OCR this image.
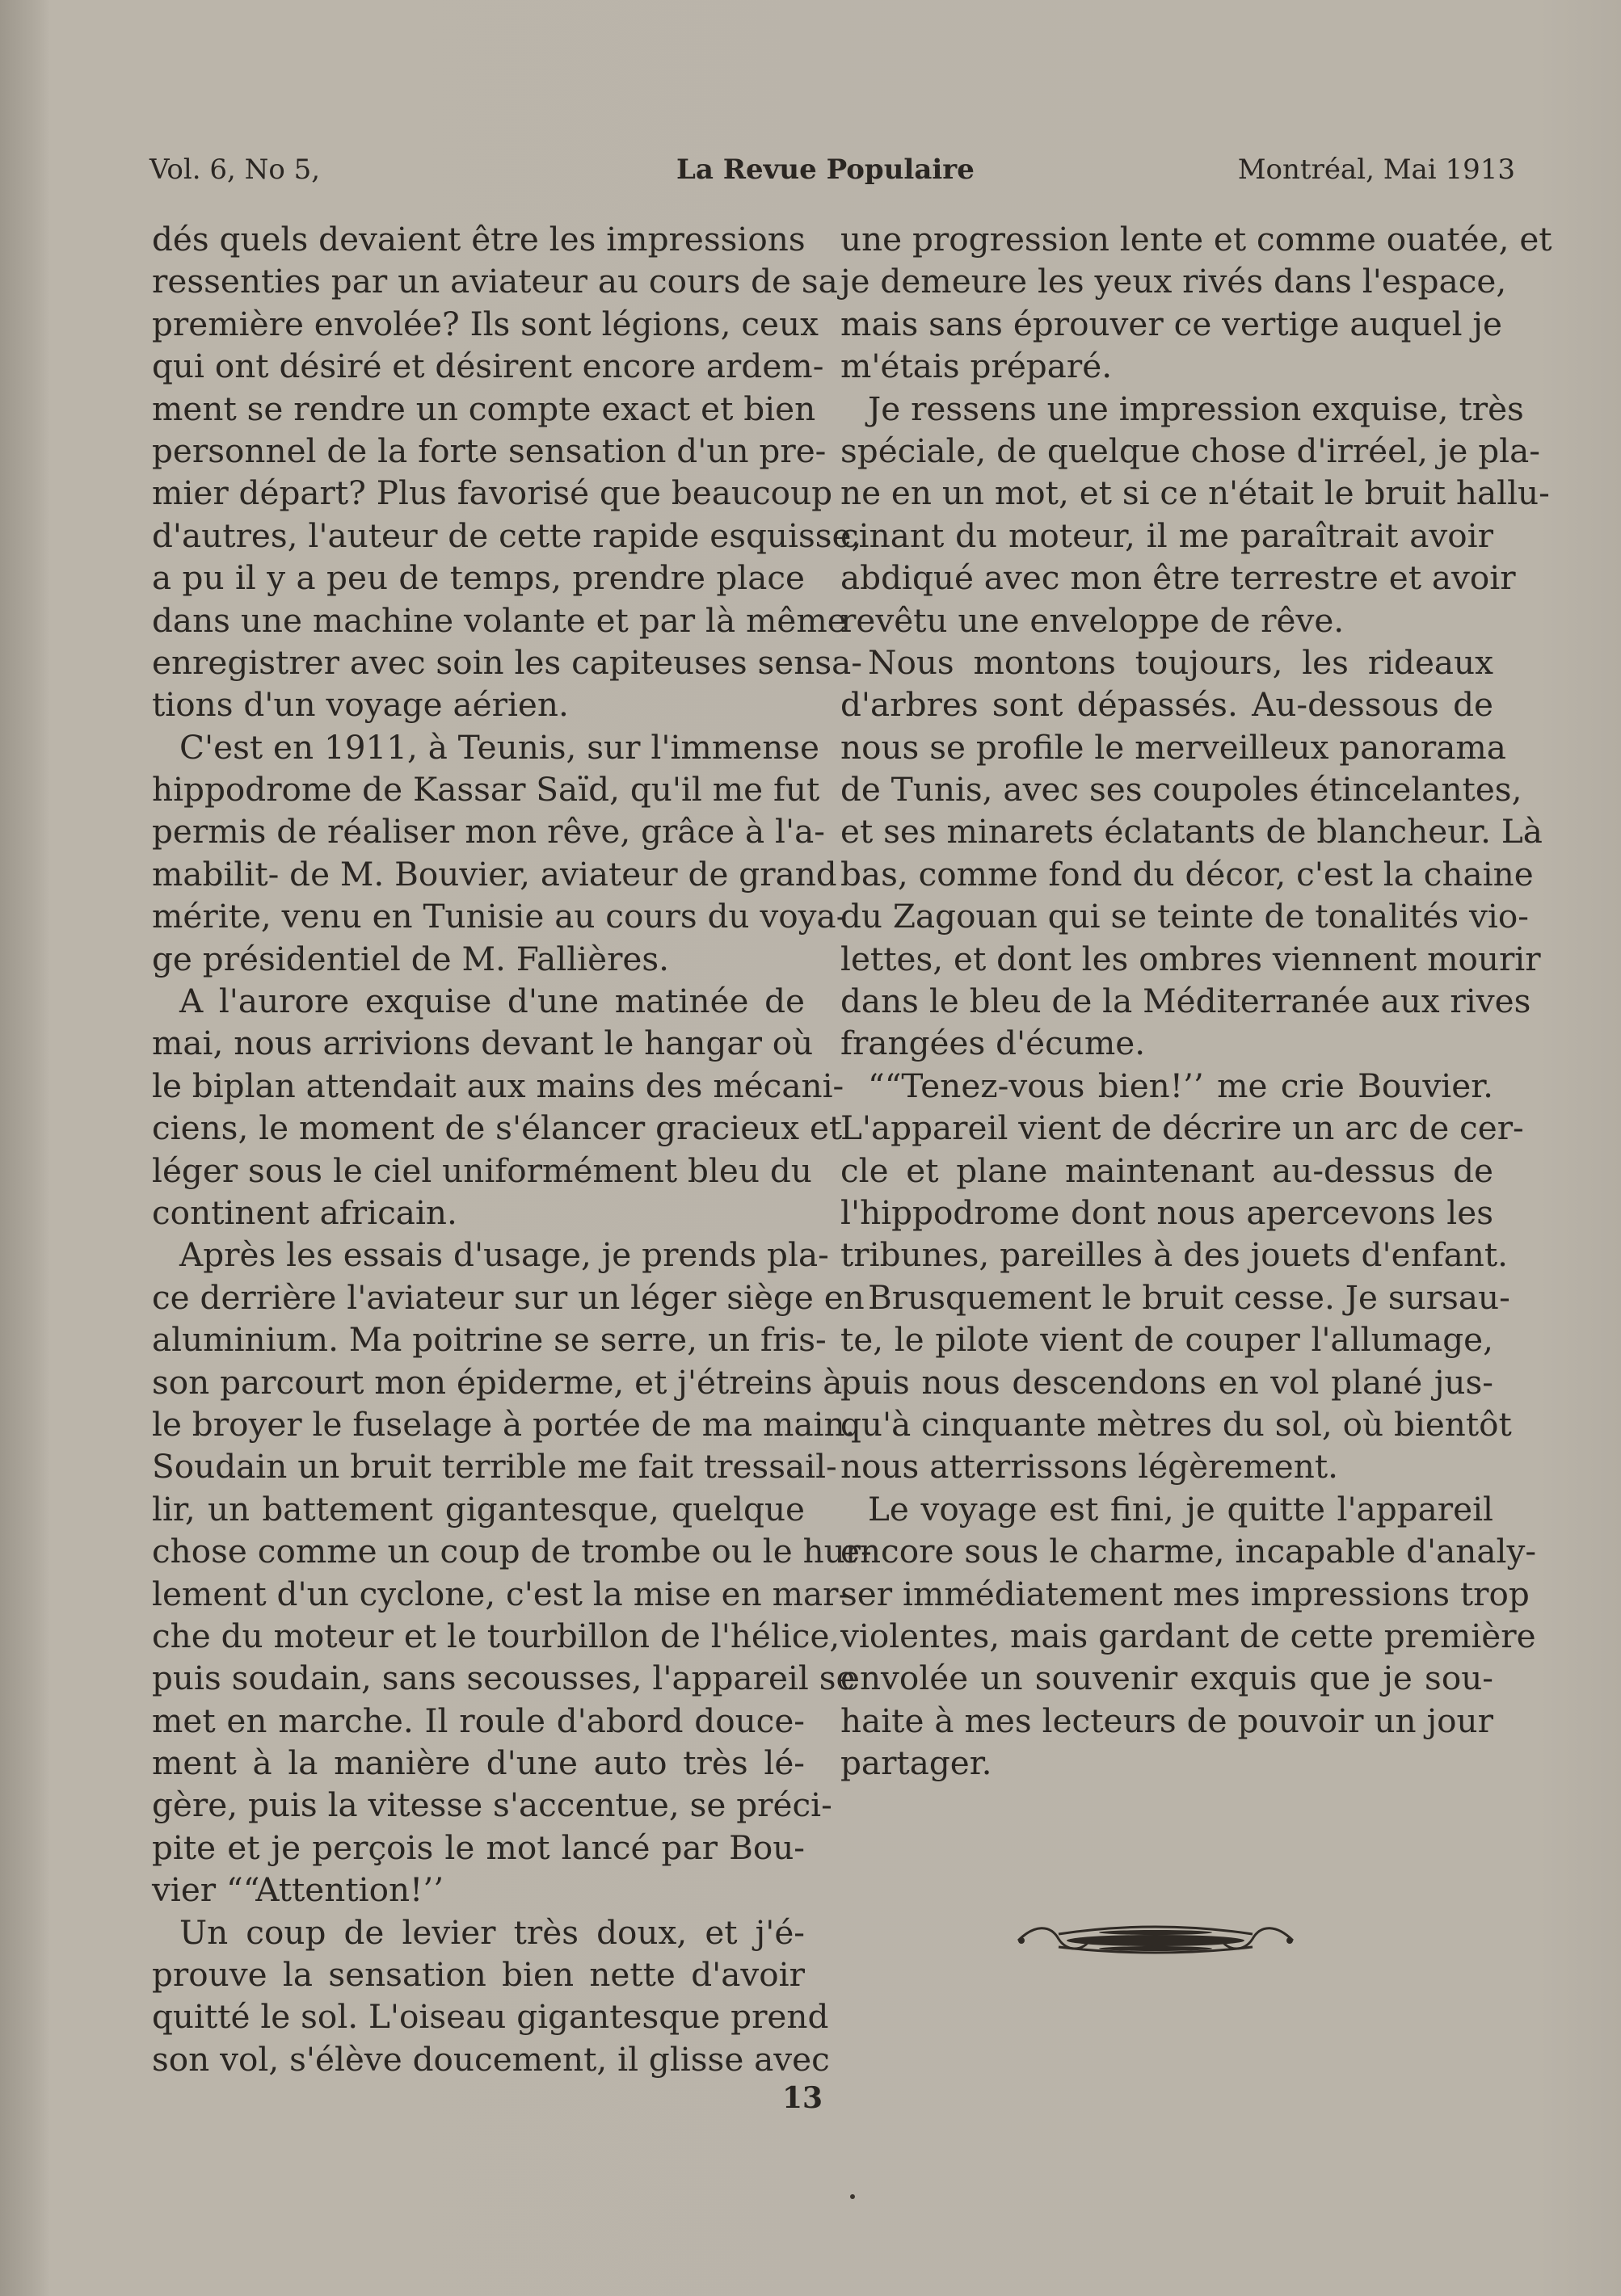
Vol. 6, No 5,	La Revue Populaire	Montréal, Mai 1913
dés quels devaient être les impressions
ressenties par un aviateur au cours de sa
première envolée? Ils sont légions, ceux
qui ont désiré et désirent encore ardem-
ment se rendre un compte exact et bien
personnel de la forte sensation d'un pre-
mier départ? Plus favorisé que beaucoup
d'autres, l'auteur de cette rapide esquisse,
a pu il y a peu de temps, prendre place
dans une machine volante et par là même
enregistrer avec soin les capiteuses sensa-
tions d'un voyage aérien.
C'est en 1911, à Teunis, sur l'immense
hippodrome de Kassar Saïd, qu'il me fut
permis de réaliser mon rêve, grâce à l'a-
mabilit- de M. Bouvier, aviateur de grand
mérite, venu en Tunisie au cours du voya-
ge présidentiel de M. Fallières.
A l'aurore exquise d'une matinée de
mai, nous arrivions devant le hangar où
le biplan attendait aux mains des mécani-
ciens, le moment de s'élancer gracieux et
léger sous le ciel uniformément bleu du
continent africain.
Après les essais d'usage, je prends pla-
ce derrière l'aviateur sur un léger siège en
aluminium. Ma poitrine se serre, un fris-
son parcourt mon épiderme, et j'étreins à
le broyer le fuselage à portée de ma main.
Soudain un bruit terrible me fait tressail-
lir, un battement gigantesque, quelque
chose comme un coup de trombe ou le hur-
lement d'un cyclone, c'est la mise en mar-
che du moteur et le tourbillon de l'hélice,
puis soudain, sans secousses, l'appareil se
met en marche. Il roule d'abord douce-
ment à la manière d'une auto très lé-
gère, puis la vitesse s'accentue, se préci-
pite et je perçois le mot lancé par Bou-
vier ““Attention!’’
Un coup de levier très doux, et j'é-
prouve la sensation bien nette d'avoir
quitté le sol. L'oiseau gigantesque prend
son vol, s'élève doucement, il glisse avec
une progression lente et comme ouatée, et
je demeure les yeux rivés dans l'espace,
mais sans éprouver ce vertige auquel je
m'étais préparé.
Je ressens une impression exquise, très
spéciale, de quelque chose d'irréel, je pla-
ne en un mot, et si ce n'était le bruit hallu-
cinant du moteur, il me paraîtrait avoir
abdiqué avec mon être terrestre et avoir
revêtu une enveloppe de rêve.
Nous montons toujours, les rideaux
d'arbres sont dépassés. Au-dessous de
nous se profile le merveilleux panorama
de Tunis, avec ses coupoles étincelantes,
et ses minarets éclatants de blancheur. Là
bas, comme fond du décor, c'est la chaine
du Zagouan qui se teinte de tonalités vio-
lettes, et dont les ombres viennent mourir
dans le bleu de la Méditerranée aux rives
frangées d'écume.
““Tenez-vous bien!’’ me crie Bouvier.
L'appareil vient de décrire un arc de cer-
cle et plane maintenant au-dessus de
l'hippodrome dont nous apercevons les
tribunes, pareilles à des jouets d'enfant.
Brusquement le bruit cesse. Je sursau-
te, le pilote vient de couper l'allumage,
puis nous descendons en vol plané jus-
qu'à cinquante mètres du sol, où bientôt
nous atterrissons légèrement.
Le voyage est fini, je quitte l'appareil
encore sous le charme, incapable d'analy-
ser immédiatement mes impressions trop
violentes, mais gardant de cette première
envolée un souvenir exquis que je sou-
haite à mes lecteurs de pouvoir un jour
partager.
13
